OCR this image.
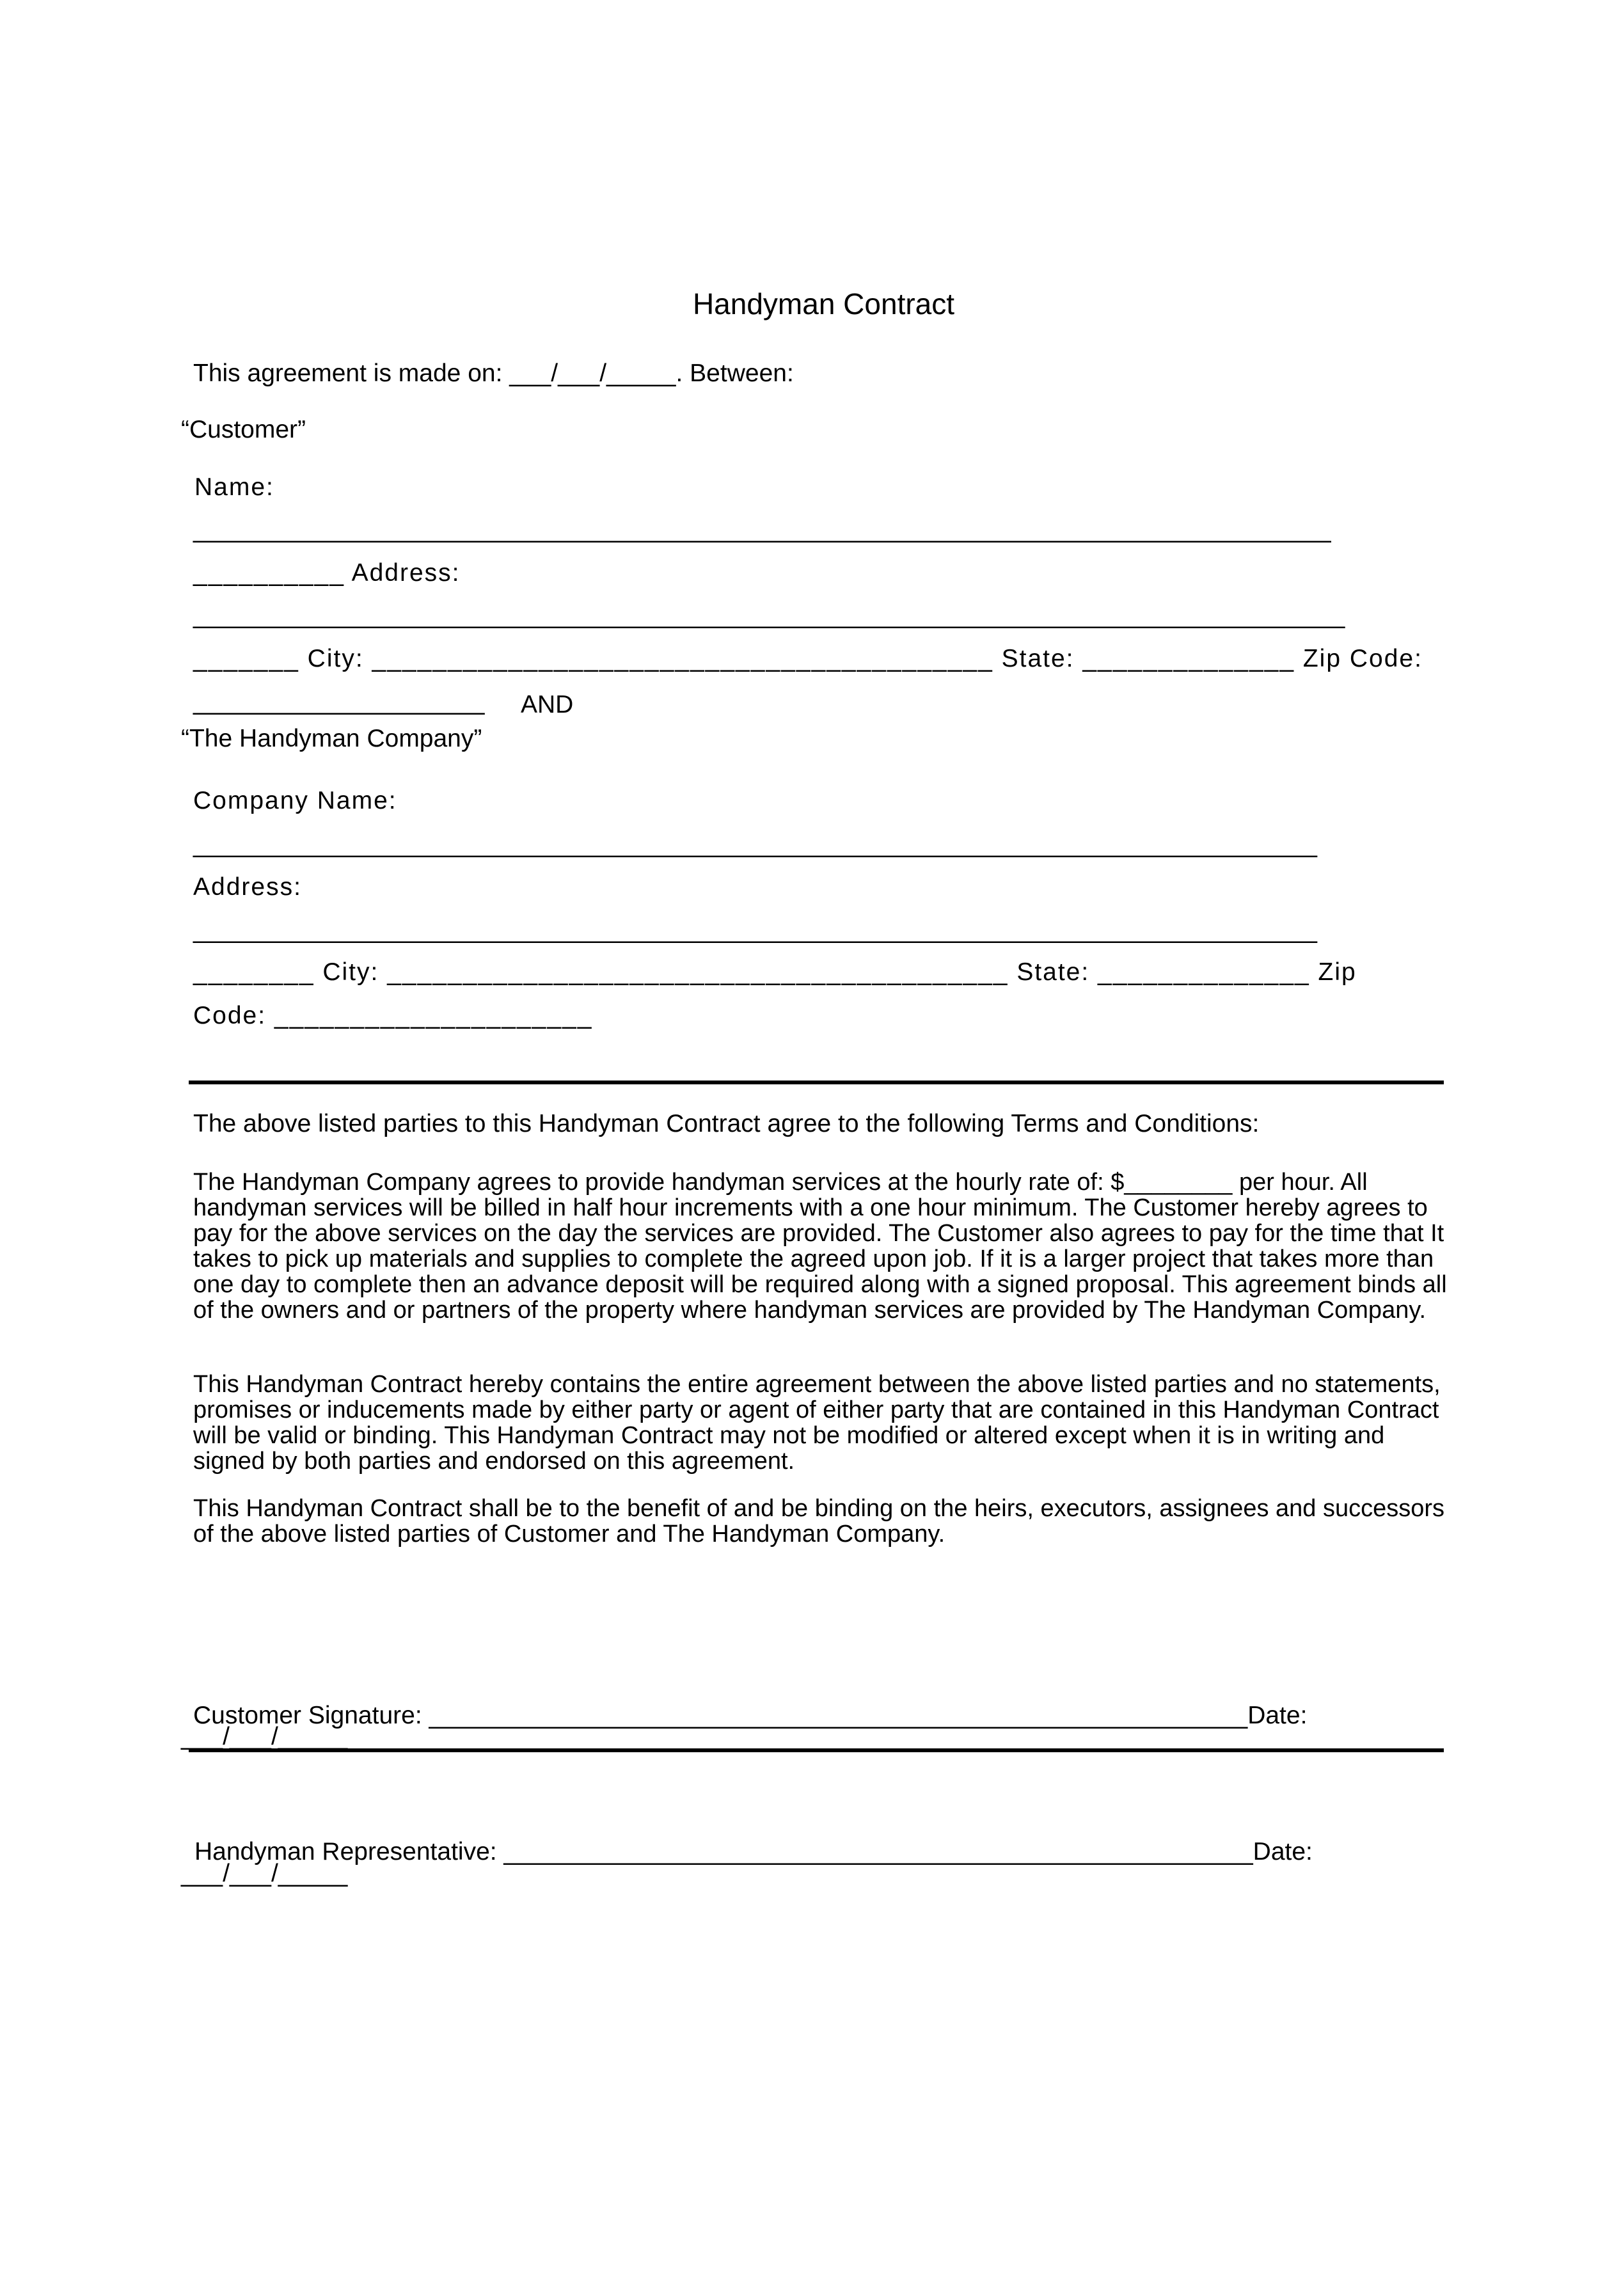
Handyman Contract
This agreement is made on: ___/___/_____. Between:
“Customer”
Name:
__________________________________________________________________________________
__________ Address:
___________________________________________________________________________________
_______ City: _________________________________________ State: ______________ Zip Code:
_____________________ AND
“The Handyman Company”
Company Name:
_________________________________________________________________________________
Address:
_________________________________________________________________________________
________ City: _________________________________________ State: ______________ Zip
Code: _____________________
The above listed parties to this Handyman Contract agree to the following Terms and Conditions:

The Handyman Company agrees to provide handyman services at the hourly rate of: $________ per hour. All handyman services will be billed in half hour increments with a one hour minimum. The Customer hereby agrees to pay for the above services on the day the services are provided. The Customer also agrees to pay for the time that It takes to pick up materials and supplies to complete the agreed upon job. If it is a larger project that takes more than one day to complete then an advance deposit will be required along with a signed proposal. This agreement binds all of the owners and or partners of the property where handyman services are provided by The Handyman Company.

This Handyman Contract hereby contains the entire agreement between the above listed parties and no statements, promises or inducements made by either party or agent of either party that are contained in this Handyman Contract will be valid or binding. This Handyman Contract may not be modified or altered except when it is in writing and signed by both parties and endorsed on this agreement.

This Handyman Contract shall be to the benefit of and be binding on the heirs, executors, assignees and successors of the above listed parties of Customer and The Handyman Company.

Customer Signature: ___________________________________________________________Date:
___/___/_____
Handyman Representative: ______________________________________________________Date:
___/___/_____
